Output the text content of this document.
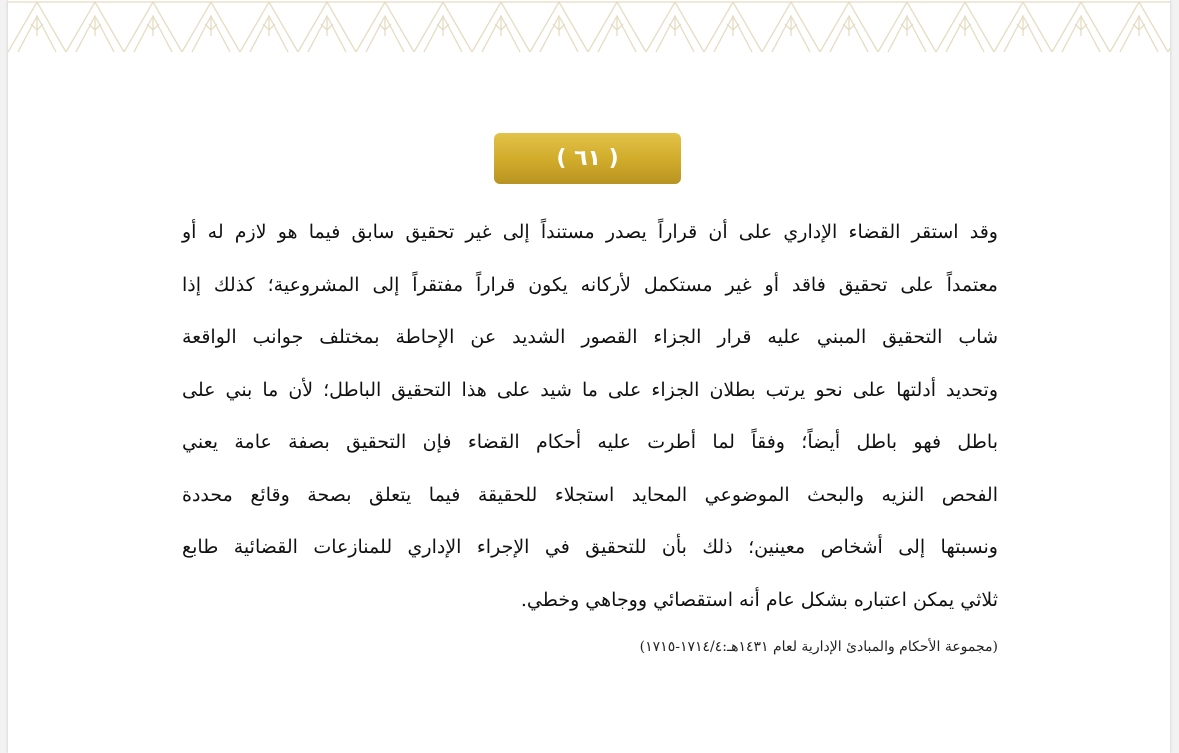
( ٦١ )
وقد استقر القضاء الإداري على أن قراراً يصدر مستنداً إلى غير تحقيق سابق فيما هو لازم له أو
معتمداً على تحقيق فاقد أو غير مستكمل لأركانه يكون قراراً مفتقراً إلى المشروعية؛ كذلك إذا
شاب التحقيق المبني عليه قرار الجزاء القصور الشديد عن الإحاطة بمختلف جوانب الواقعة
وتحديد أدلتها على نحو يرتب بطلان الجزاء على ما شيد على هذا التحقيق الباطل؛ لأن ما بني على
باطل فهو باطل أيضاً؛ وفقاً لما أطرت عليه أحكام القضاء فإن التحقيق بصفة عامة يعني
الفحص النزيه والبحث الموضوعي المحايد استجلاء للحقيقة فيما يتعلق بصحة وقائع محددة
ونسبتها إلى أشخاص معينين؛ ذلك بأن للتحقيق في الإجراء الإداري للمنازعات القضائية طابع
ثلاثي يمكن اعتباره بشكل عام أنه استقصائي ووجاهي وخطي.
(مجموعة الأحكام والمبادئ الإدارية لعام ١٤٣١هـ:١٧١٤/٤-١٧١٥)
